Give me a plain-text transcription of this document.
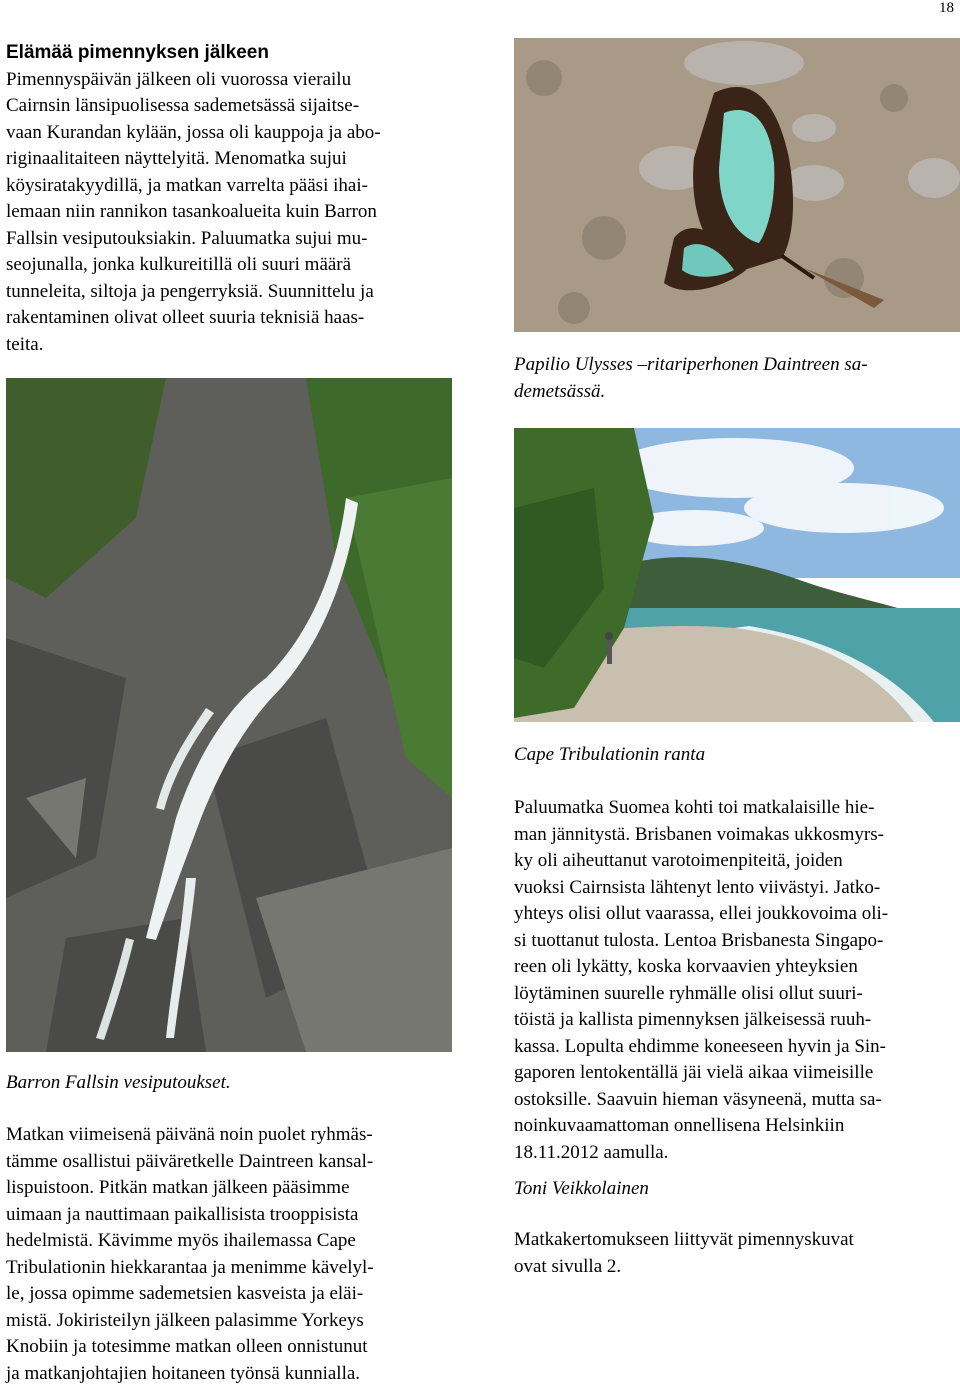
18
Elämää pimennyksen jälkeen
Pimennyspäivän jälkeen oli vuorossa vierailu
Cairnsin länsipuolisessa sademetsässä sijaitse-
vaan Kurandan kylään, jossa oli kauppoja ja abo-
riginaalitaiteen näyttelyitä. Menomatka sujui
köysiratakyydillä, ja matkan varrelta pääsi ihai-
lemaan niin rannikon tasankoalueita kuin Barron
Fallsin vesiputouksiakin. Paluumatka sujui mu-
seojunalla, jonka kulkureitillä oli suuri määrä
tunneleita, siltoja ja pengerryksiä. Suunnittelu ja
rakentaminen olivat olleet suuria teknisiä haas-
teita.
Papilio Ulysses –ritariperhonen Daintreen sa-
demetsässä.
Cape Tribulationin ranta
Paluumatka Suomea kohti toi matkalaisille hie-
man jännitystä. Brisbanen voimakas ukkosmyrs-
ky oli aiheuttanut varotoimenpiteitä, joiden
vuoksi Cairnsista lähtenyt lento viivästyi. Jatko-
yhteys olisi ollut vaarassa, ellei joukkovoima oli-
si tuottanut tulosta. Lentoa Brisbanesta Singapo-
reen oli lykätty, koska korvaavien yhteyksien
löytäminen suurelle ryhmälle olisi ollut suuri-
töistä ja kallista pimennyksen jälkeisessä ruuh-
kassa. Lopulta ehdimme koneeseen hyvin ja Sin-
gaporen lentokentällä jäi vielä aikaa viimeisille
ostoksille. Saavuin hieman väsyneenä, mutta sa-
noinkuvaamattoman onnellisena Helsinkiin
18.11.2012 aamulla.
Toni Veikkolainen
Matkakertomukseen liittyvät pimennyskuvat
ovat sivulla 2.
Barron Fallsin vesiputoukset.
Matkan viimeisenä päivänä noin puolet ryhmäs-
tämme osallistui päiväretkelle Daintreen kansal-
lispuistoon. Pitkän matkan jälkeen pääsimme
uimaan ja nauttimaan paikallisista trooppisista
hedelmistä. Kävimme myös ihailemassa Cape
Tribulationin hiekkarantaa ja menimme kävelyl-
le, jossa opimme sademetsien kasveista ja eläi-
mistä. Jokiristeilyn jälkeen palasimme Yorkeys
Knobiin ja totesimme matkan olleen onnistunut
ja matkanjohtajien hoitaneen työnsä kunnialla.
